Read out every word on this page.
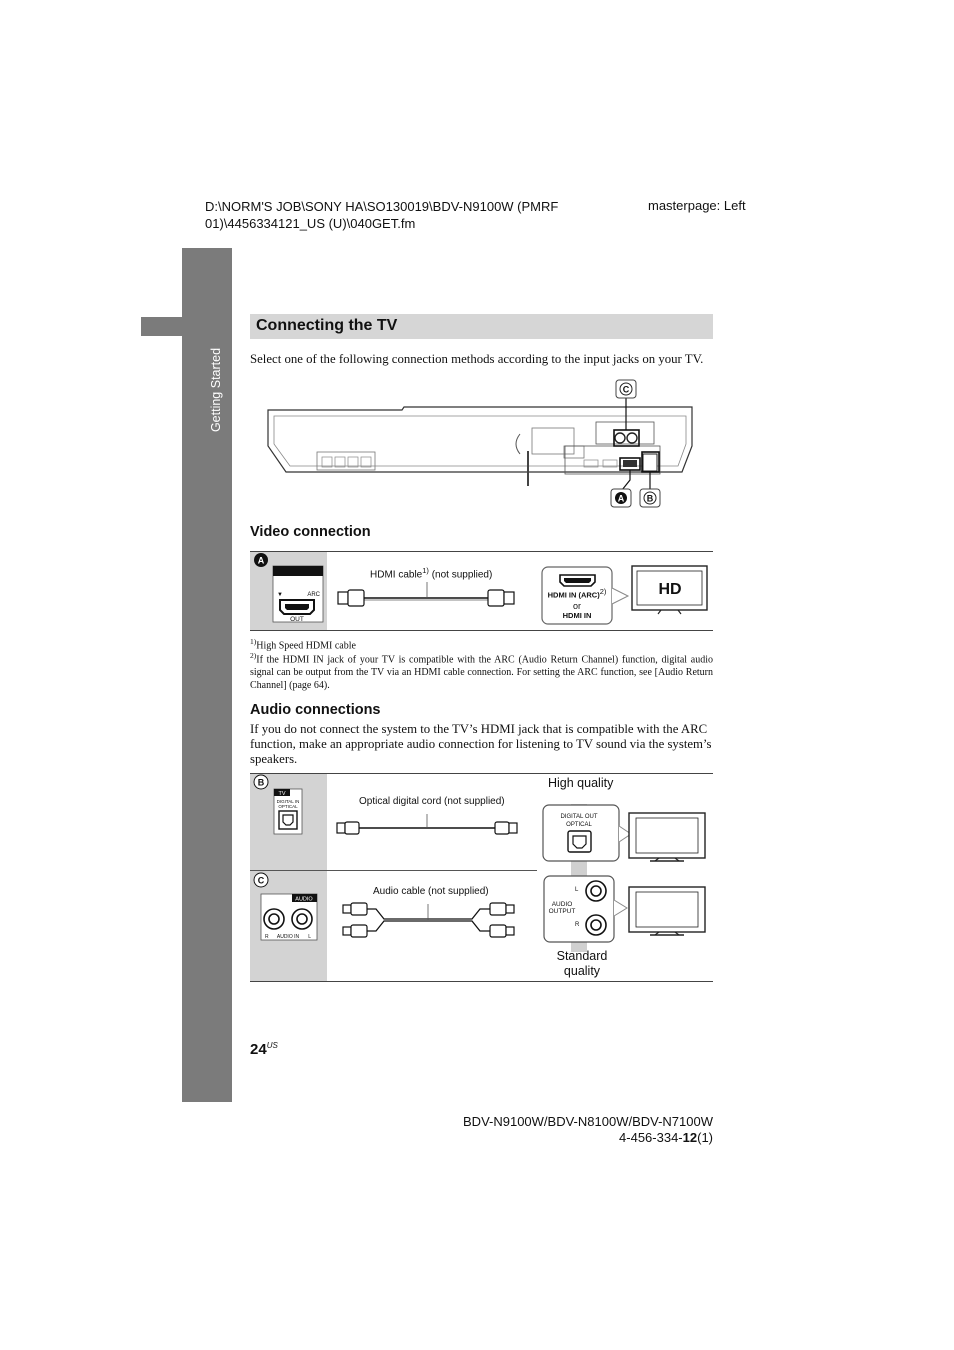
D:\NORM'S JOB\SONY HA\SO130019\BDV-N9100W (PMRF
01)\4456334121_US (U)\040GET.fm
masterpage: Left
Getting Started
Connecting the TV
Select one of the following connection methods according to the input jacks on your TV.
C
A	B
Video connection
A
▼	ARC
OUT
HD
HDMI cable$^{1)}$ (not supplied)
HDMI IN (ARC)2)
or
HDMI IN
$^{1)}$High Speed HDMI cable
$^{2)}$If the HDMI IN jack of your TV is compatible with the ARC (Audio Return Channel) function, digital audio signal can be output from the TV via an HDMI cable connection. For setting the ARC function, see [Audio Return Channel] (page 64).
Audio connections
If you do not connect the system to the TV’s HDMI jack that is compatible with the ARC function, make an appropriate audio connection for listening to TV sound via the system’s speakers.
B
TV
DIGITAL IN
OPTICAL
DIGITAL OUT
OPTICAL
C
AUDIO
R AUDIO IN L
L
AUDIO
OUTPUT
R
Optical digital cord (not supplied)
High quality
Audio cable (not supplied)
Standard
quality
$24^{US}$
BDV-N9100W/BDV-N8100W/BDV-N7100W
4-456-334-12(1)
